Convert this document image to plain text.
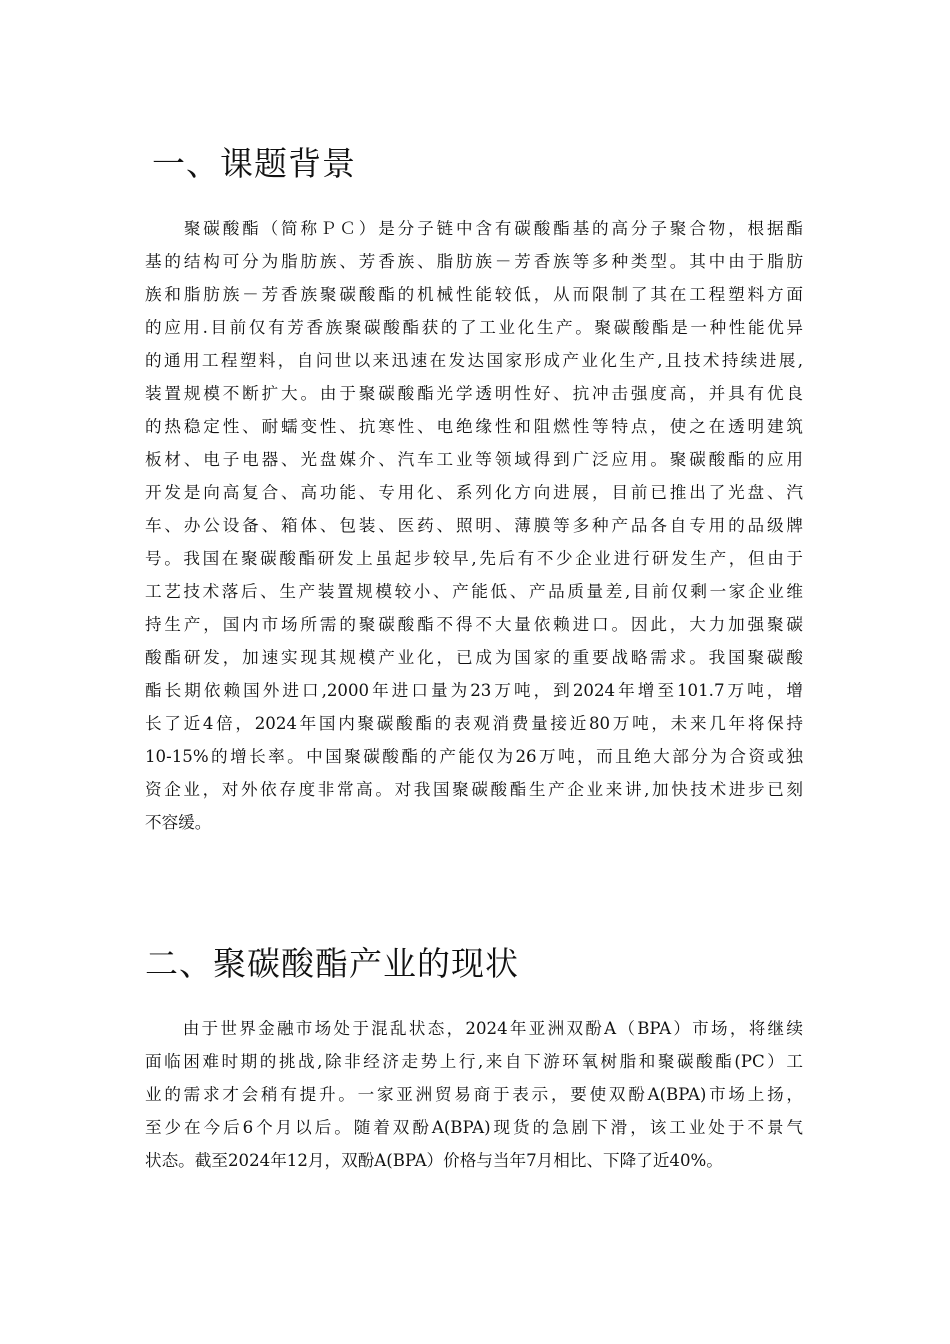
一、课题背景

　　聚碳酸酯（简称ＰＣ）是分子链中含有碳酸酯基的高分子聚合物，根据酯
基的结构可分为脂肪族、芳香族、脂肪族－芳香族等多种类型。其中由于脂肪
族和脂肪族－芳香族聚碳酸酯的机械性能较低，从而限制了其在工程塑料方面
的应用.目前仅有芳香族聚碳酸酯获的了工业化生产。聚碳酸酯是一种性能优异
的通用工程塑料，自问世以来迅速在发达国家形成产业化生产,且技术持续进展,
装置规模不断扩大。由于聚碳酸酯光学透明性好、抗冲击强度高，并具有优良
的热稳定性、耐蠕变性、抗寒性、电绝缘性和阻燃性等特点，使之在透明建筑
板材、电子电器、光盘媒介、汽车工业等领域得到广泛应用。聚碳酸酯的应用
开发是向高复合、高功能、专用化、系列化方向进展，目前已推出了光盘、汽
车、办公设备、箱体、包装、医药、照明、薄膜等多种产品各自专用的品级牌
号。我国在聚碳酸酯研发上虽起步较早,先后有不少企业进行研发生产，但由于
工艺技术落后、生产装置规模较小、产能低、产品质量差,目前仅剩一家企业维
持生产，国内市场所需的聚碳酸酯不得不大量依赖进口。因此，大力加强聚碳
酸酯研发，加速实现其规模产业化，已成为国家的重要战略需求。我国聚碳酸
酯长期依赖国外进口,2000年进口量为23万吨，到2024年增至101.7万吨，增
长了近4倍，2024年国内聚碳酸酯的表观消费量接近80万吨，未来几年将保持
10-15%的增长率。中国聚碳酸酯的产能仅为26万吨，而且绝大部分为合资或独
资企业，对外依存度非常高。对我国聚碳酸酯生产企业来讲,加快技术进步已刻
不容缓。

二、聚碳酸酯产业的现状

　　由于世界金融市场处于混乱状态，2024年亚洲双酚A（BPA）市场，将继续
面临困难时期的挑战,除非经济走势上行,来自下游环氧树脂和聚碳酸酯(PC）工
业的需求才会稍有提升。一家亚洲贸易商于表示，要使双酚A(BPA)市场上扬，
至少在今后6个月以后。随着双酚A(BPA)现货的急剧下滑，该工业处于不景气
状态。截至2024年12月，双酚A(BPA）价格与当年7月相比、下降了近40%。
